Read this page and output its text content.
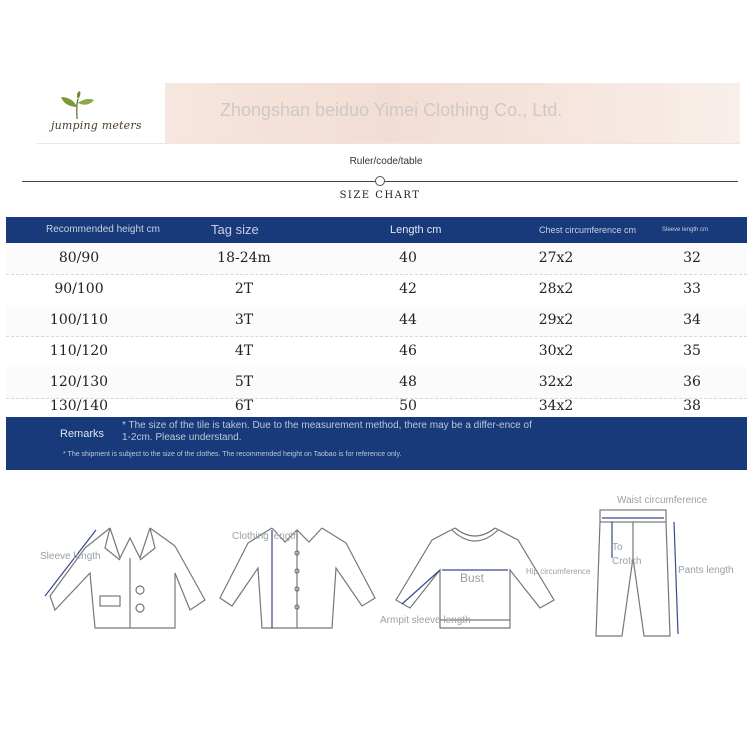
jumping meters
Zhongshan beiduo Yimei Clothing Co., Ltd.
Ruler/code/table
SIZE CHART
Recommended height cm	Tag size	Length cm	Chest circumference cm	Sleeve length cm
80/90	18-24m	40	27x2	32
90/100	2T	42	28x2	33
100/110	3T	44	29x2	34
110/120	4T	46	30x2	35
120/130	5T	48	32x2	36
130/140	6T	50	34x2	38
Remarks
* The size of the tile is taken. Due to the measurement method, there may be a differ-ence of 1-2cm. Please understand.
* The shipment is subject to the size of the clothes. The recommended height on Taobao is for reference only.
Sleeve length
Clothing length
Bust
Armpit sleeve length
Hip circumference
Waist circumference
To Crotch
Pants length
